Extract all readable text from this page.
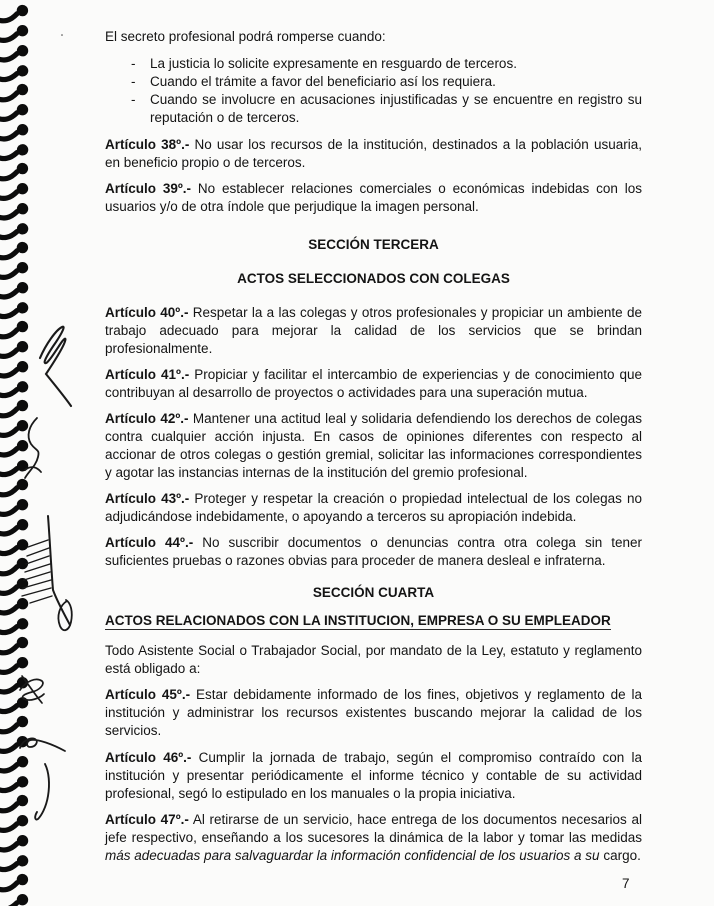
El secreto profesional podrá romperse cuando:

-	La justicia lo solicite expresamente en resguardo de terceros.
-	Cuando el trámite a favor del beneficiario así los requiera.
-	Cuando se involucre en acusaciones injustificadas y se encuentre en registro su reputación o de terceros.

Artículo 38º.- No usar los recursos de la institución, destinados a la población usuaria, en beneficio propio o de terceros.

Artículo 39º.- No establecer relaciones comerciales o económicas indebidas con los usuarios y/o de otra índole que perjudique la imagen personal.

SECCIÓN TERCERA

ACTOS SELECCIONADOS CON COLEGAS

Artículo 40º.- Respetar la a las colegas y otros profesionales y propiciar un ambiente de trabajo adecuado para mejorar la calidad de los servicios que se brindan profesionalmente.

Artículo 41º.- Propiciar y facilitar el intercambio de experiencias y de conocimiento que contribuyan al desarrollo de proyectos o actividades para una superación mutua.

Artículo 42º.- Mantener una actitud leal y solidaria defendiendo los derechos de colegas contra cualquier acción injusta. En casos de opiniones diferentes con respecto al accionar de otros colegas o gestión gremial, solicitar las informaciones correspondientes y agotar las instancias internas de la institución del gremio profesional.

Artículo 43º.- Proteger y respetar la creación o propiedad intelectual de los colegas no adjudicándose indebidamente, o apoyando a terceros su apropiación indebida.

Artículo 44º.- No suscribir documentos o denuncias contra otra colega sin tener suficientes pruebas o razones obvias para proceder de manera desleal e infraterna.

SECCIÓN CUARTA

ACTOS RELACIONADOS CON LA INSTITUCION, EMPRESA O SU EMPLEADOR

Todo Asistente Social o Trabajador Social, por mandato de la Ley, estatuto y reglamento está obligado a:

Artículo 45º.- Estar debidamente informado de los fines, objetivos y reglamento de la institución y administrar los recursos existentes buscando mejorar la calidad de los servicios.

Artículo 46º.- Cumplir la jornada de trabajo, según el compromiso contraído con la institución y presentar periódicamente el informe técnico y contable de su actividad profesional, segó lo estipulado en los manuales o la propia iniciativa.

Artículo 47º.- Al retirarse de un servicio, hace entrega de los documentos necesarios al jefe respectivo, enseñando a los sucesores la dinámica de la labor y tomar las medidas más adecuadas para salvaguardar la información confidencial de los usuarios a su cargo.

7
